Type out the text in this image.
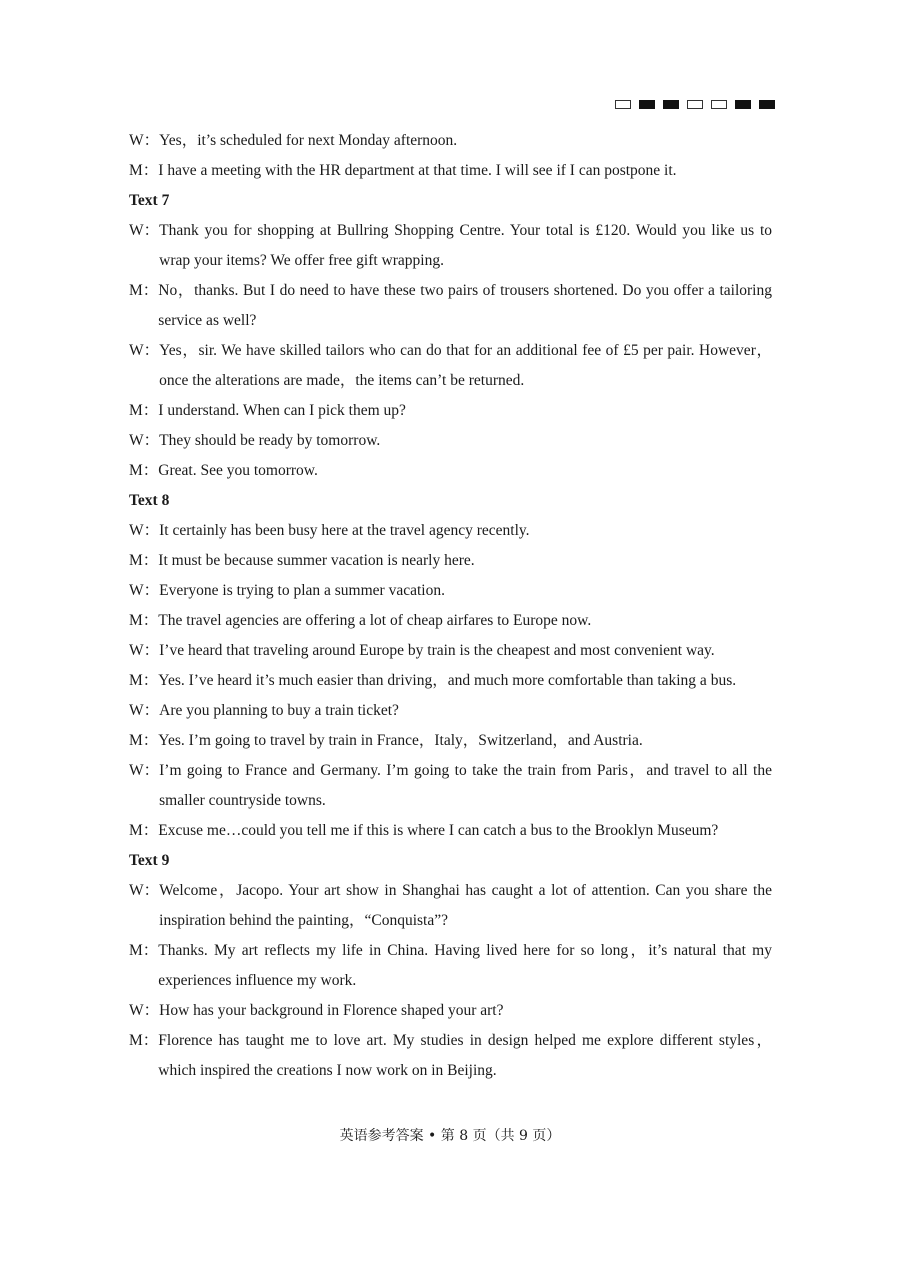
W： Yes，it’s scheduled for next Monday afternoon.
M： I have a meeting with the HR department at that time. I will see if I can postpone it.

Text 7

W： Thank you for shopping at Bullring Shopping Centre. Your total is £120. Would you like us to wrap your items? We offer free gift wrapping.
M： No，thanks. But I do need to have these two pairs of trousers shortened. Do you offer a tailoring service as well?
W： Yes，sir. We have skilled tailors who can do that for an additional fee of £5 per pair. However，once the alterations are made，the items can’t be returned.
M： I understand. When can I pick them up?
W： They should be ready by tomorrow.
M： Great. See you tomorrow.

Text 8

W： It certainly has been busy here at the travel agency recently.
M： It must be because summer vacation is nearly here.
W： Everyone is trying to plan a summer vacation.
M： The travel agencies are offering a lot of cheap airfares to Europe now.
W： I’ve heard that traveling around Europe by train is the cheapest and most convenient way.
M： Yes. I’ve heard it’s much easier than driving，and much more comfortable than taking a bus.
W： Are you planning to buy a train ticket?
M： Yes. I’m going to travel by train in France，Italy，Switzerland，and Austria.
W： I’m going to France and Germany. I’m going to take the train from Paris，and travel to all the smaller countryside towns.
M： Excuse me…could you tell me if this is where I can catch a bus to the Brooklyn Museum?

Text 9

W： Welcome，Jacopo. Your art show in Shanghai has caught a lot of attention. Can you share the inspiration behind the painting，“Conquista”?
M： Thanks. My art reflects my life in China. Having lived here for so long，it’s natural that my experiences influence my work.
W： How has your background in Florence shaped your art?
M： Florence has taught me to love art. My studies in design helped me explore different styles，which inspired the creations I now work on in Beijing.
英语参考答案 • 第 8 页（共 9 页）
